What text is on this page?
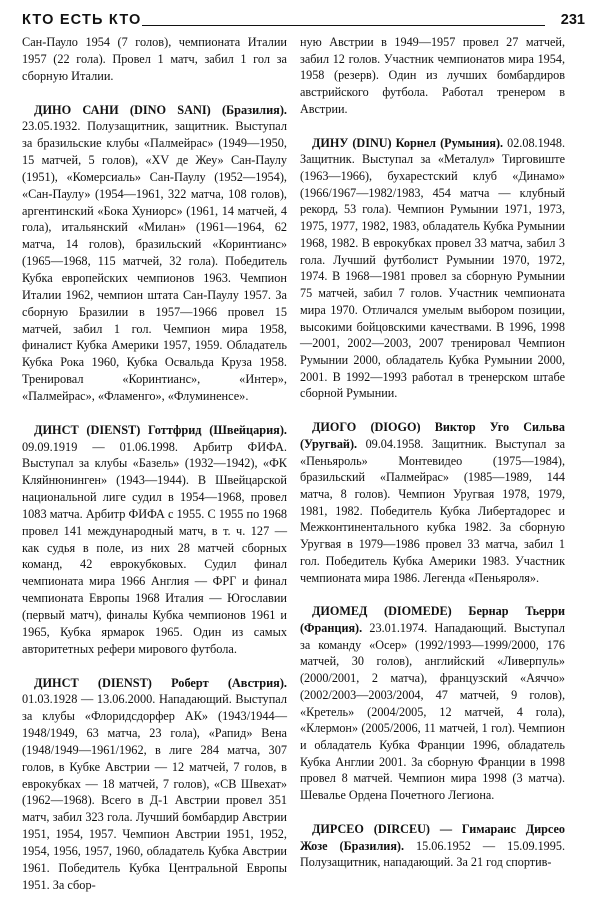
КТО ЕСТЬ КТО	231

Сан-Пауло 1954 (7 голов), чемпионата Италии 1957 (22 гола). Провел 1 матч, забил 1 гол за сборную Италии.

ДИНО САНИ (DINO SANI) (Бразилия). 23.05.1932. Полузащитник, защитник. Выступал за бразильские клубы «Палмейрас» (1949—1950, 15 матчей, 5 голов), «XV де Жеу» Сан-Паулу (1951), «Комерсиаль» Сан-Паулу (1952—1954), «Сан-Паулу» (1954—1961, 322 матча, 108 голов), аргентинский «Бока Хуниорс» (1961, 14 матчей, 4 гола), итальянский «Милан» (1961—1964, 62 матча, 14 голов), бразильский «Коринтианс» (1965—1968, 115 матчей, 32 гола). Победитель Кубка европейских чемпионов 1963. Чемпион Италии 1962, чемпион штата Сан-Паулу 1957. За сборную Бразилии в 1957—1966 провел 15 матчей, забил 1 гол. Чемпион мира 1958, финалист Кубка Америки 1957, 1959. Обладатель Кубка Рока 1960, Кубка Освальда Круза 1958. Тренировал «Коринтианс», «Интер», «Палмейрас», «Фламенго», «Флуминенсе».

ДИНСТ (DIENST) Готтфрид (Швейцария). 09.09.1919 — 01.06.1998. Арбитр ФИФА. Выступал за клубы «Базель» (1932—1942), «ФК Кляйнюнинген» (1943—1944). В Швейцарской национальной лиге судил в 1954—1968, провел 1083 матча. Арбитр ФИФА с 1955. С 1955 по 1968 провел 141 международный матч, в т. ч. 127 — как судья в поле, из них 28 матчей сборных команд, 42 еврокубковых. Судил финал чемпионата мира 1966 Англия — ФРГ и финал чемпионата Европы 1968 Италия — Югославии (первый матч), финалы Кубка чемпионов 1961 и 1965, Кубка ярмарок 1965. Один из самых авторитетных рефери мирового футбола.

ДИНСТ (DIENST) Роберт (Австрия). 01.03.1928 — 13.06.2000. Нападающий. Выступал за клубы «Флоридсдорфер АК» (1943/1944—1948/1949, 63 матча, 23 гола), «Рапид» Вена (1948/1949—1961/1962, в лиге 284 матча, 307 голов, в Кубке Австрии — 12 матчей, 7 голов, в еврокубках — 18 матчей, 7 голов), «СВ Швехат» (1962—1968). Всего в Д-1 Австрии провел 351 матч, забил 323 гола. Лучший бомбардир Австрии 1951, 1954, 1957. Чемпион Австрии 1951, 1952, 1954, 1956, 1957, 1960, обладатель Кубка Австрии 1961. Победитель Кубка Центральной Европы 1951. За сбор-

ную Австрии в 1949—1957 провел 27 матчей, забил 12 голов. Участник чемпионатов мира 1954, 1958 (резерв). Один из лучших бомбардиров австрийского футбола. Работал тренером в Австрии.

ДИНУ (DINU) Корнел (Румыния). 02.08.1948. Защитник. Выступал за «Металул» Тирговиште (1963—1966), бухарестский клуб «Динамо» (1966/1967—1982/1983, 454 матча — клубный рекорд, 53 гола). Чемпион Румынии 1971, 1973, 1975, 1977, 1982, 1983, обладатель Кубка Румынии 1968, 1982. В еврокубках провел 33 матча, забил 3 гола. Лучший футболист Румынии 1970, 1972, 1974. В 1968—1981 провел за сборную Румынии 75 матчей, забил 7 голов. Участник чемпионата мира 1970. Отличался умелым выбором позиции, высокими бойцовскими качествами. В 1996, 1998—2001, 2002—2003, 2007 тренировал Чемпион Румынии 2000, обладатель Кубка Румынии 2000, 2001. В 1992—1993 работал в тренерском штабе сборной Румынии.

ДИОГО (DIOGO) Виктор Уго Сильва (Уругвай). 09.04.1958. Защитник. Выступал за «Пеньяроль» Монтевидео (1975—1984), бразильский «Палмейрас» (1985—1989, 144 матча, 8 голов). Чемпион Уругвая 1978, 1979, 1981, 1982. Победитель Кубка Либертадорес и Межконтинентального кубка 1982. За сборную Уругвая в 1979—1986 провел 33 матча, забил 1 гол. Победитель Кубка Америки 1983. Участник чемпионата мира 1986. Легенда «Пеньяроля».

ДИОМЕД (DIOMEDE) Бернар Тьерри (Франция). 23.01.1974. Нападающий. Выступал за команду «Осер» (1992/1993—1999/2000, 176 матчей, 30 голов), английский «Ливерпуль» (2000/2001, 2 матча), французский «Аяччо» (2002/2003—2003/2004, 47 матчей, 9 голов), «Кретель» (2004/2005, 12 матчей, 4 гола), «Клермон» (2005/2006, 11 матчей, 1 гол). Чемпион и обладатель Кубка Франции 1996, обладатель Кубка Англии 2001. За сборную Франции в 1998 провел 8 матчей. Чемпион мира 1998 (3 матча). Шевалье Ордена Почетного Легиона.

ДИРСЕО (DIRCEU) — Гимараис Дирсео Жозе (Бразилия). 15.06.1952 — 15.09.1995. Полузащитник, нападающий. За 21 год спортив-
